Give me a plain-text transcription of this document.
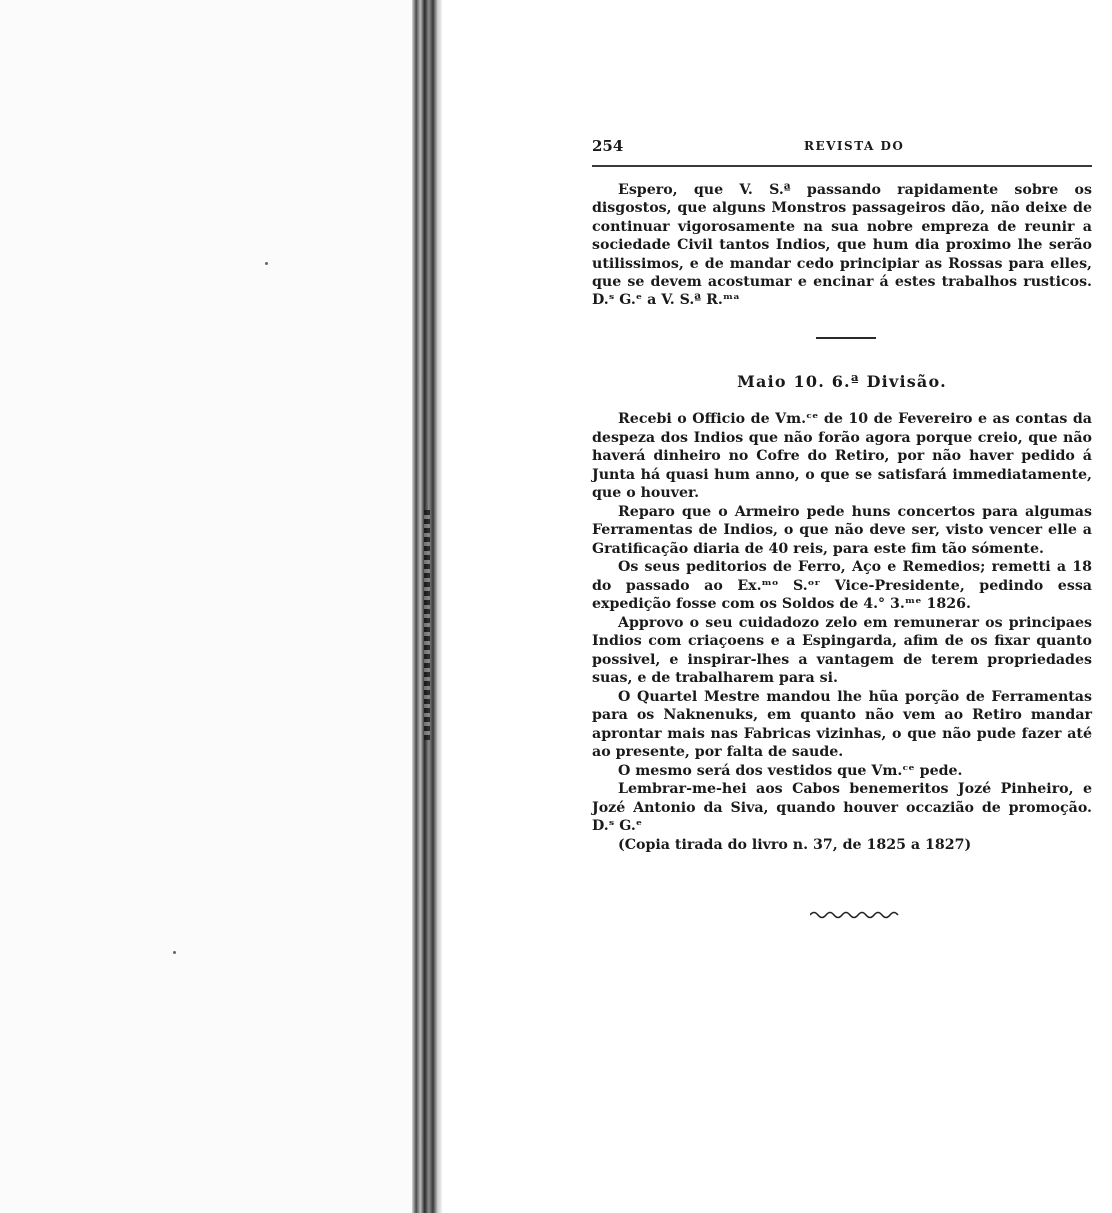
254	REVISTA DO

Espero, que V. S.ª passando rapidamente sobre os disgostos, que alguns Monstros passageiros dão, não deixe de continuar vigorosamente na sua nobre empreza de reunir a sociedade Civil tantos Indios, que hum dia proximo lhe serão utilissimos, e de mandar cedo principiar as Rossas para elles, que se devem acostumar e encinar á estes trabalhos rusticos. D.ˢ G.ᵉ a V. S.ª R.ᵐᵃ

Maio 10. 6.ª Divisão.

Recebi o Officio de Vm.ᶜᵉ de 10 de Fevereiro e as contas da despeza dos Indios que não forão agora porque creio, que não haverá dinheiro no Cofre do Retiro, por não haver pedido á Junta há quasi hum anno, o que se satisfará immediatamente, que o houver.

Reparo que o Armeiro pede huns concertos para algumas Ferramentas de Indios, o que não deve ser, visto vencer elle a Gratificação diaria de 40 reis, para este fim tão sómente.

Os seus peditorios de Ferro, Aço e Remedios; remetti a 18 do passado ao Ex.ᵐᵒ S.ᵒʳ Vice-Presidente, pedindo essa expedição fosse com os Soldos de 4.° 3.ᵐᵉ 1826.

Approvo o seu cuidadozo zelo em remunerar os principaes Indios com criaçoens e a Espingarda, afim de os fixar quanto possivel, e inspirar-lhes a vantagem de terem propriedades suas, e de trabalharem para si.

O Quartel Mestre mandou lhe hũa porção de Ferramentas para os Naknenuks, em quanto não vem ao Retiro mandar aprontar mais nas Fabricas vizinhas, o que não pude fazer até ao presente, por falta de saude.

O mesmo será dos vestidos que Vm.ᶜᵉ pede.

Lembrar-me-hei aos Cabos benemeritos Jozé Pinheiro, e Jozé Antonio da Siva, quando houver occazião de promoção. D.ˢ G.ᵉ

(Copia tirada do livro n. 37, de 1825 a 1827)
